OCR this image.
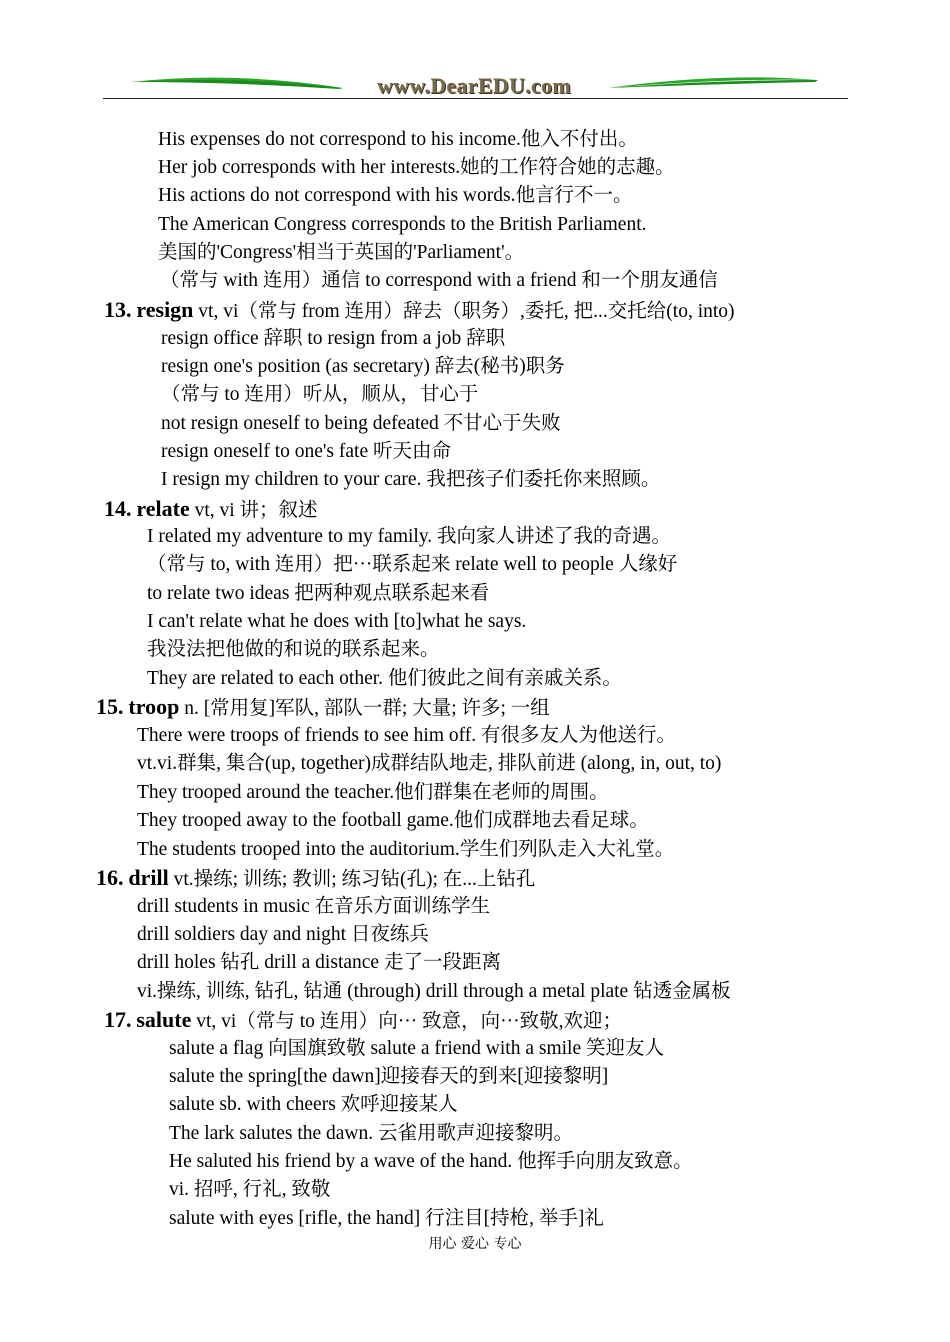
www.DearEDU.com
His expenses do not correspond to his income.他入不付出。
Her job corresponds with her interests.她的工作符合她的志趣。
His actions do not correspond with his words.他言行不一。
The American Congress corresponds to the British Parliament.
美国的'Congress'相当于英国的'Parliament'。
（常与 with 连用）通信 to correspond with a friend 和一个朋友通信
13. resign vt, vi（常与 from 连用）辞去（职务）,委托, 把...交托给(to, into)
resign office 辞职 to resign from a job 辞职
resign one's position (as secretary) 辞去(秘书)职务
（常与 to 连用）听从，顺从，甘心于
not resign oneself to being defeated 不甘心于失败
resign oneself to one's fate 听天由命
I resign my children to your care. 我把孩子们委托你来照顾。
14. relate vt, vi 讲；叙述
I related my adventure to my family. 我向家人讲述了我的奇遇。
（常与 to, with 连用）把···联系起来 relate well to people 人缘好
to relate two ideas 把两种观点联系起来看
I can't relate what he does with [to]what he says.
我没法把他做的和说的联系起来。
They are related to each other. 他们彼此之间有亲戚关系。
15. troop n. [常用复]军队, 部队一群; 大量; 许多; 一组
There were troops of friends to see him off. 有很多友人为他送行。
vt.vi.群集, 集合(up, together)成群结队地走, 排队前进 (along, in, out, to)
They trooped around the teacher.他们群集在老师的周围。
They trooped away to the football game.他们成群地去看足球。
The students trooped into the auditorium.学生们列队走入大礼堂。
16. drill vt.操练; 训练; 教训; 练习钻(孔); 在...上钻孔
drill students in music 在音乐方面训练学生
drill soldiers day and night 日夜练兵
drill holes 钻孔 drill a distance 走了一段距离
vi.操练, 训练, 钻孔, 钻通 (through) drill through a metal plate 钻透金属板
17. salute vt, vi（常与 to 连用）向··· 致意，向···致敬,欢迎；
salute a flag 向国旗致敬 salute a friend with a smile 笑迎友人
salute the spring[the dawn]迎接春天的到来[迎接黎明]
salute sb. with cheers 欢呼迎接某人
The lark salutes the dawn. 云雀用歌声迎接黎明。
He saluted his friend by a wave of the hand. 他挥手向朋友致意。
vi. 招呼, 行礼, 致敬
salute with eyes [rifle, the hand] 行注目[持枪, 举手]礼
用心 爱心 专心
